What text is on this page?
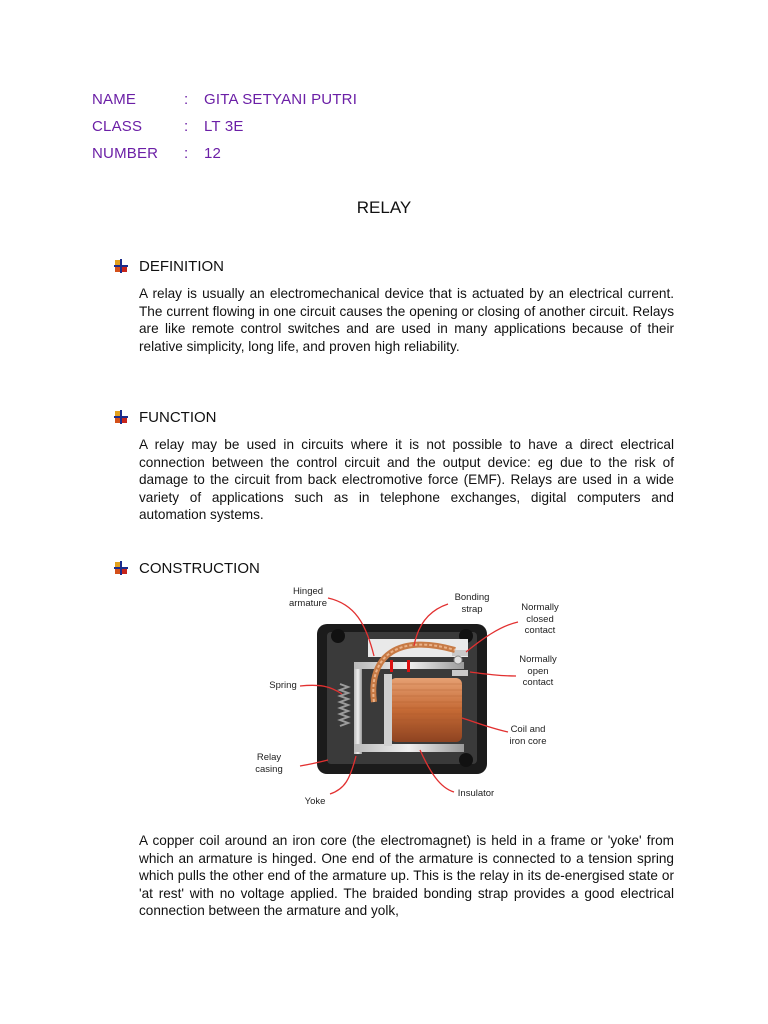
NAME	:	GITA SETYANI PUTRI
CLASS	:	LT 3E
NUMBER	:	12
RELAY
DEFINITION
A relay is usually an electromechanical device that is actuated by an electrical current. The current flowing in one circuit causes the opening or closing of another circuit. Relays are like remote control switches and are used in many applications because of their relative simplicity, long life, and proven high reliability.
FUNCTION
A relay may be used in circuits where it is not possible to have a direct electrical connection between the control circuit and the output device: eg due to the risk of damage to the circuit from back electromotive force (EMF). Relays are used in a wide variety of applications such as in telephone exchanges, digital computers and automation systems.
CONSTRUCTION
Hinged armature	Bonding strap	Normally closed contact
Normally open contact
Spring
Coil and iron core
Relay casing
Insulator
Yoke
A copper coil around an iron core (the electromagnet) is held in a frame or 'yoke' from which an armature is hinged. One end of the armature is connected to a tension spring which pulls the other end of the armature up. This is the relay in its de-energised state or 'at rest' with no voltage applied. The braided bonding strap provides a good electrical connection between the armature and yolk,
